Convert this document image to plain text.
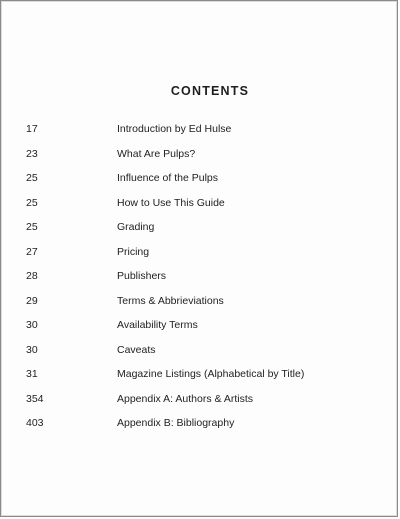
CONTENTS
17	Introduction by Ed Hulse
23	What Are Pulps?
25	Influence of the Pulps
25	How to Use This Guide
25	Grading
27	Pricing
28	Publishers
29	Terms & Abbrieviations
30	Availability Terms
30	Caveats
31	Magazine Listings (Alphabetical by Title)
354	Appendix A: Authors & Artists
403	Appendix B: Bibliography
